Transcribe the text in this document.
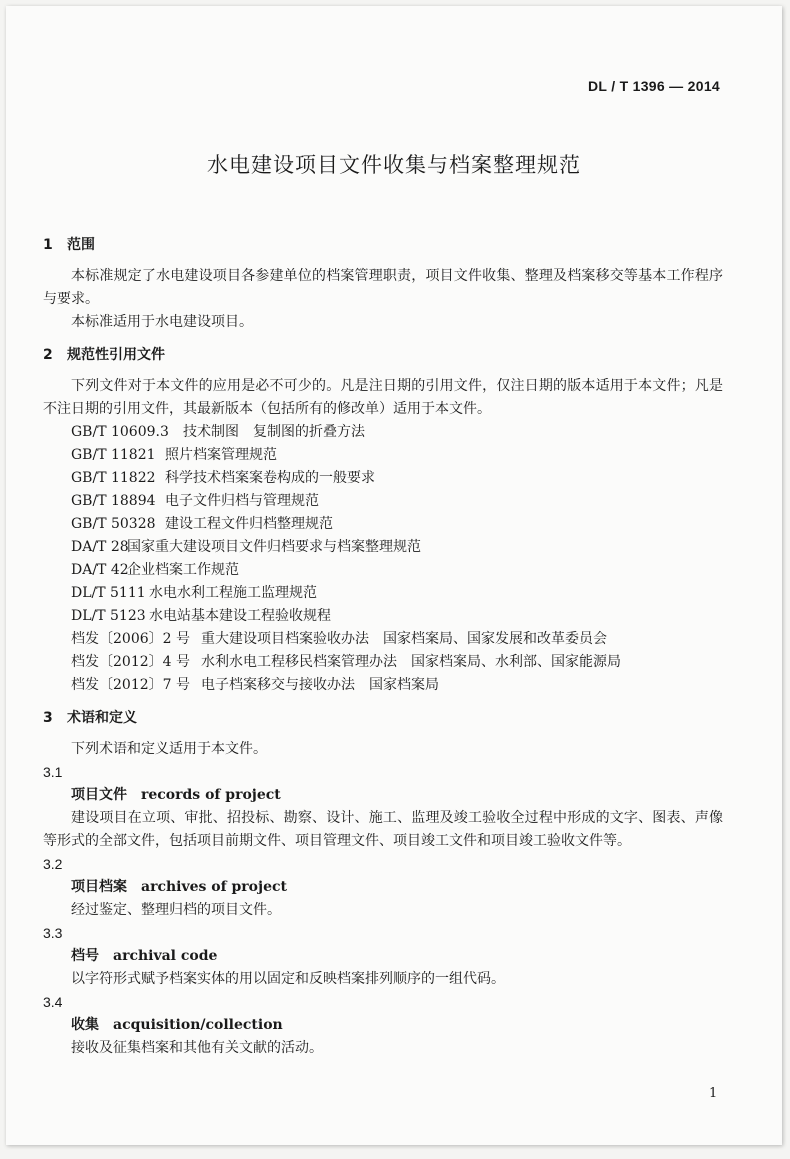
DL / T 1396 — 2014
水电建设项目文件收集与档案整理规范
1 范围

本标准规定了水电建设项目各参建单位的档案管理职责，项目文件收集、整理及档案移交等基本工作程序与要求。

本标准适用于水电建设项目。

2 规范性引用文件

下列文件对于本文件的应用是必不可少的。凡是注日期的引用文件，仅注日期的版本适用于本文件；凡是不注日期的引用文件，其最新版本（包括所有的修改单）适用于本文件。

GB/T 10609.3 技术制图　复制图的折叠方法
GB/T 11821 照片档案管理规范
GB/T 11822 科学技术档案案卷构成的一般要求
GB/T 18894 电子文件归档与管理规范
GB/T 50328 建设工程文件归档整理规范
DA/T 28国家重大建设项目文件归档要求与档案整理规范
DA/T 42企业档案工作规范
DL/T 5111 水电水利工程施工监理规范
DL/T 5123 水电站基本建设工程验收规程
档发〔2006〕2 号 重大建设项目档案验收办法　国家档案局、国家发展和改革委员会
档发〔2012〕4 号 水利水电工程移民档案管理办法　国家档案局、水利部、国家能源局
档发〔2012〕7 号 电子档案移交与接收办法　国家档案局
3 术语和定义

下列术语和定义适用于本文件。

3.1

项目文件 records of project

建设项目在立项、审批、招投标、勘察、设计、施工、监理及竣工验收全过程中形成的文字、图表、声像等形式的全部文件，包括项目前期文件、项目管理文件、项目竣工文件和项目竣工验收文件等。

3.2

项目档案 archives of project

经过鉴定、整理归档的项目文件。

3.3

档号 archival code

以字符形式赋予档案实体的用以固定和反映档案排列顺序的一组代码。

3.4

收集 acquisition/collection

接收及征集档案和其他有关文献的活动。

1
